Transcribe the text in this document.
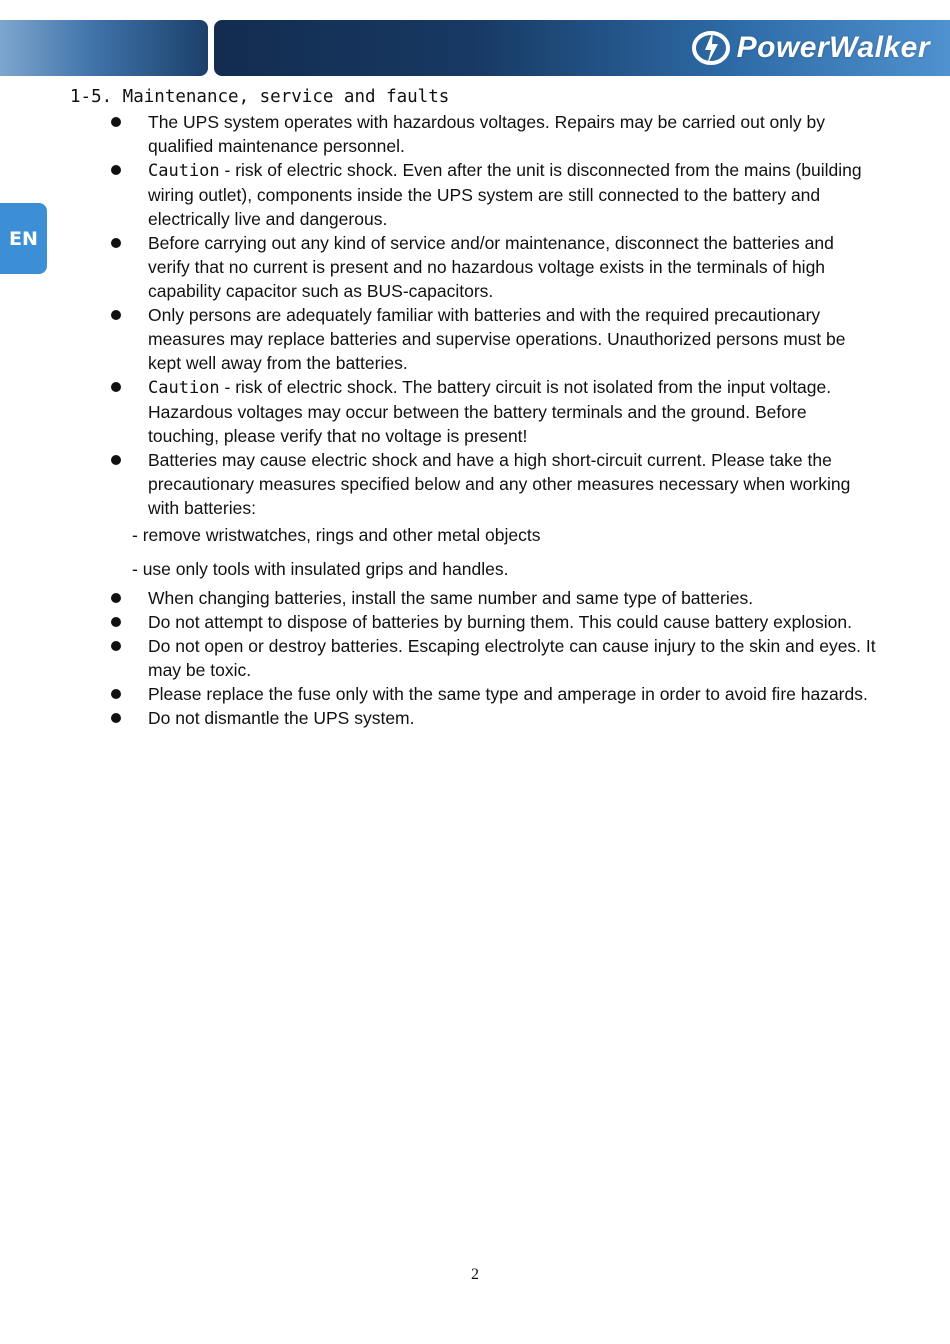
PowerWalker
EN
1-5. Maintenance, service and faults
The UPS system operates with hazardous voltages. Repairs may be carried out only by qualified maintenance personnel.
Caution - risk of electric shock. Even after the unit is disconnected from the mains (building wiring outlet), components inside the UPS system are still connected to the battery and electrically live and dangerous.
Before carrying out any kind of service and/or maintenance, disconnect the batteries and verify that no current is present and no hazardous voltage exists in the terminals of high capability capacitor such as BUS-capacitors.
Only persons are adequately familiar with batteries and with the required precautionary measures may replace batteries and supervise operations. Unauthorized persons must be kept well away from the batteries.
Caution - risk of electric shock. The battery circuit is not isolated from the input voltage. Hazardous voltages may occur between the battery terminals and the ground. Before touching, please verify that no voltage is present!
Batteries may cause electric shock and have a high short-circuit current. Please take the precautionary measures specified below and any other measures necessary when working with batteries:
- remove wristwatches, rings and other metal objects
- use only tools with insulated grips and handles.
When changing batteries, install the same number and same type of batteries.
Do not attempt to dispose of batteries by burning them. This could cause battery explosion.
Do not open or destroy batteries. Escaping electrolyte can cause injury to the skin and eyes. It may be toxic.
Please replace the fuse only with the same type and amperage in order to avoid fire hazards.
Do not dismantle the UPS system.
2
